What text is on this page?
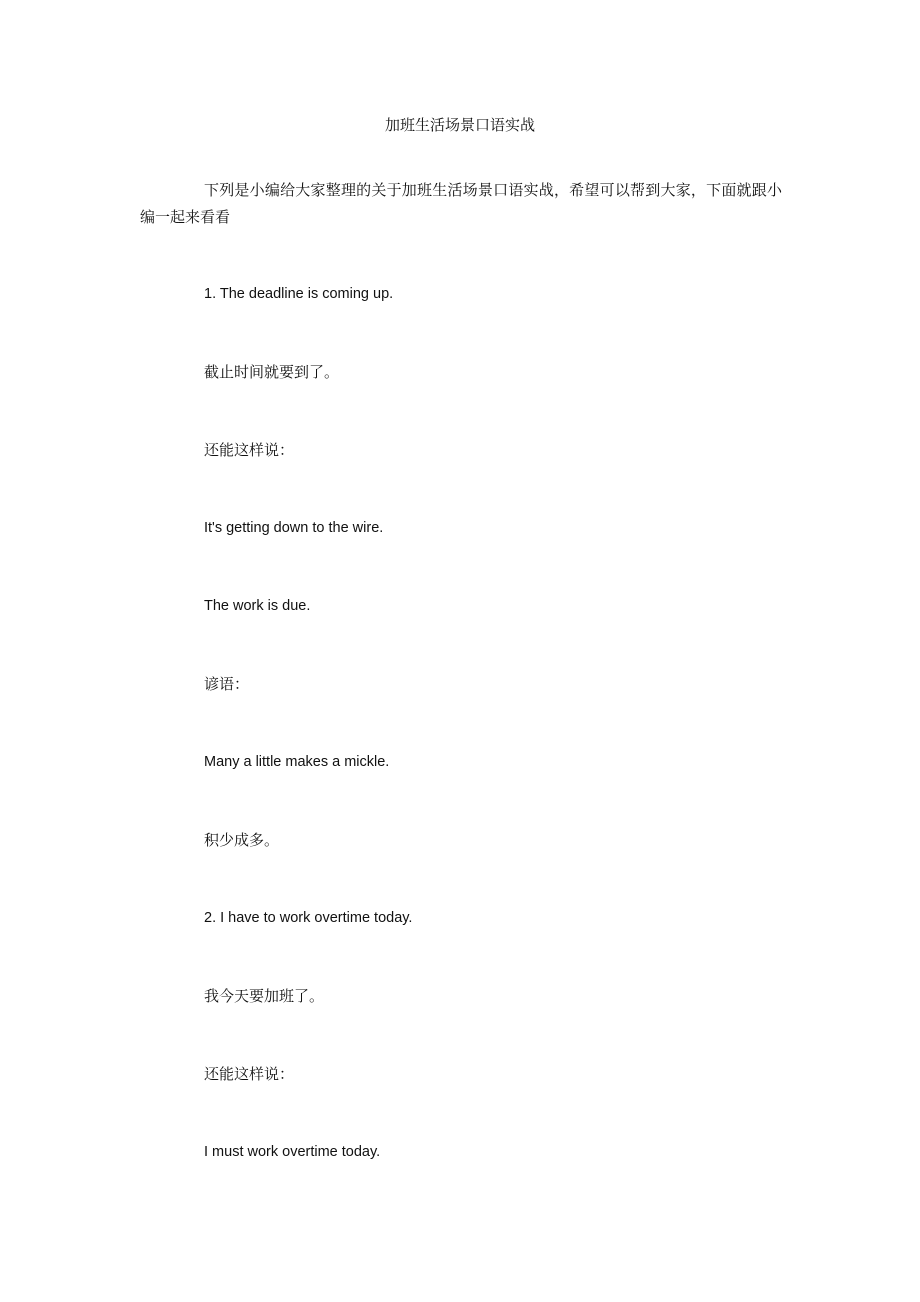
加班生活场景口语实战
下列是小编给大家整理的关于加班生活场景口语实战，希望可以帮到大家，下面就跟小编一起来看看
1. The deadline is coming up.
截止时间就要到了。
还能这样说：
It's getting down to the wire.
The work is due.
谚语：
Many a little makes a mickle.
积少成多。
2. I have to work overtime today.
我今天要加班了。
还能这样说：
I must work overtime today.
